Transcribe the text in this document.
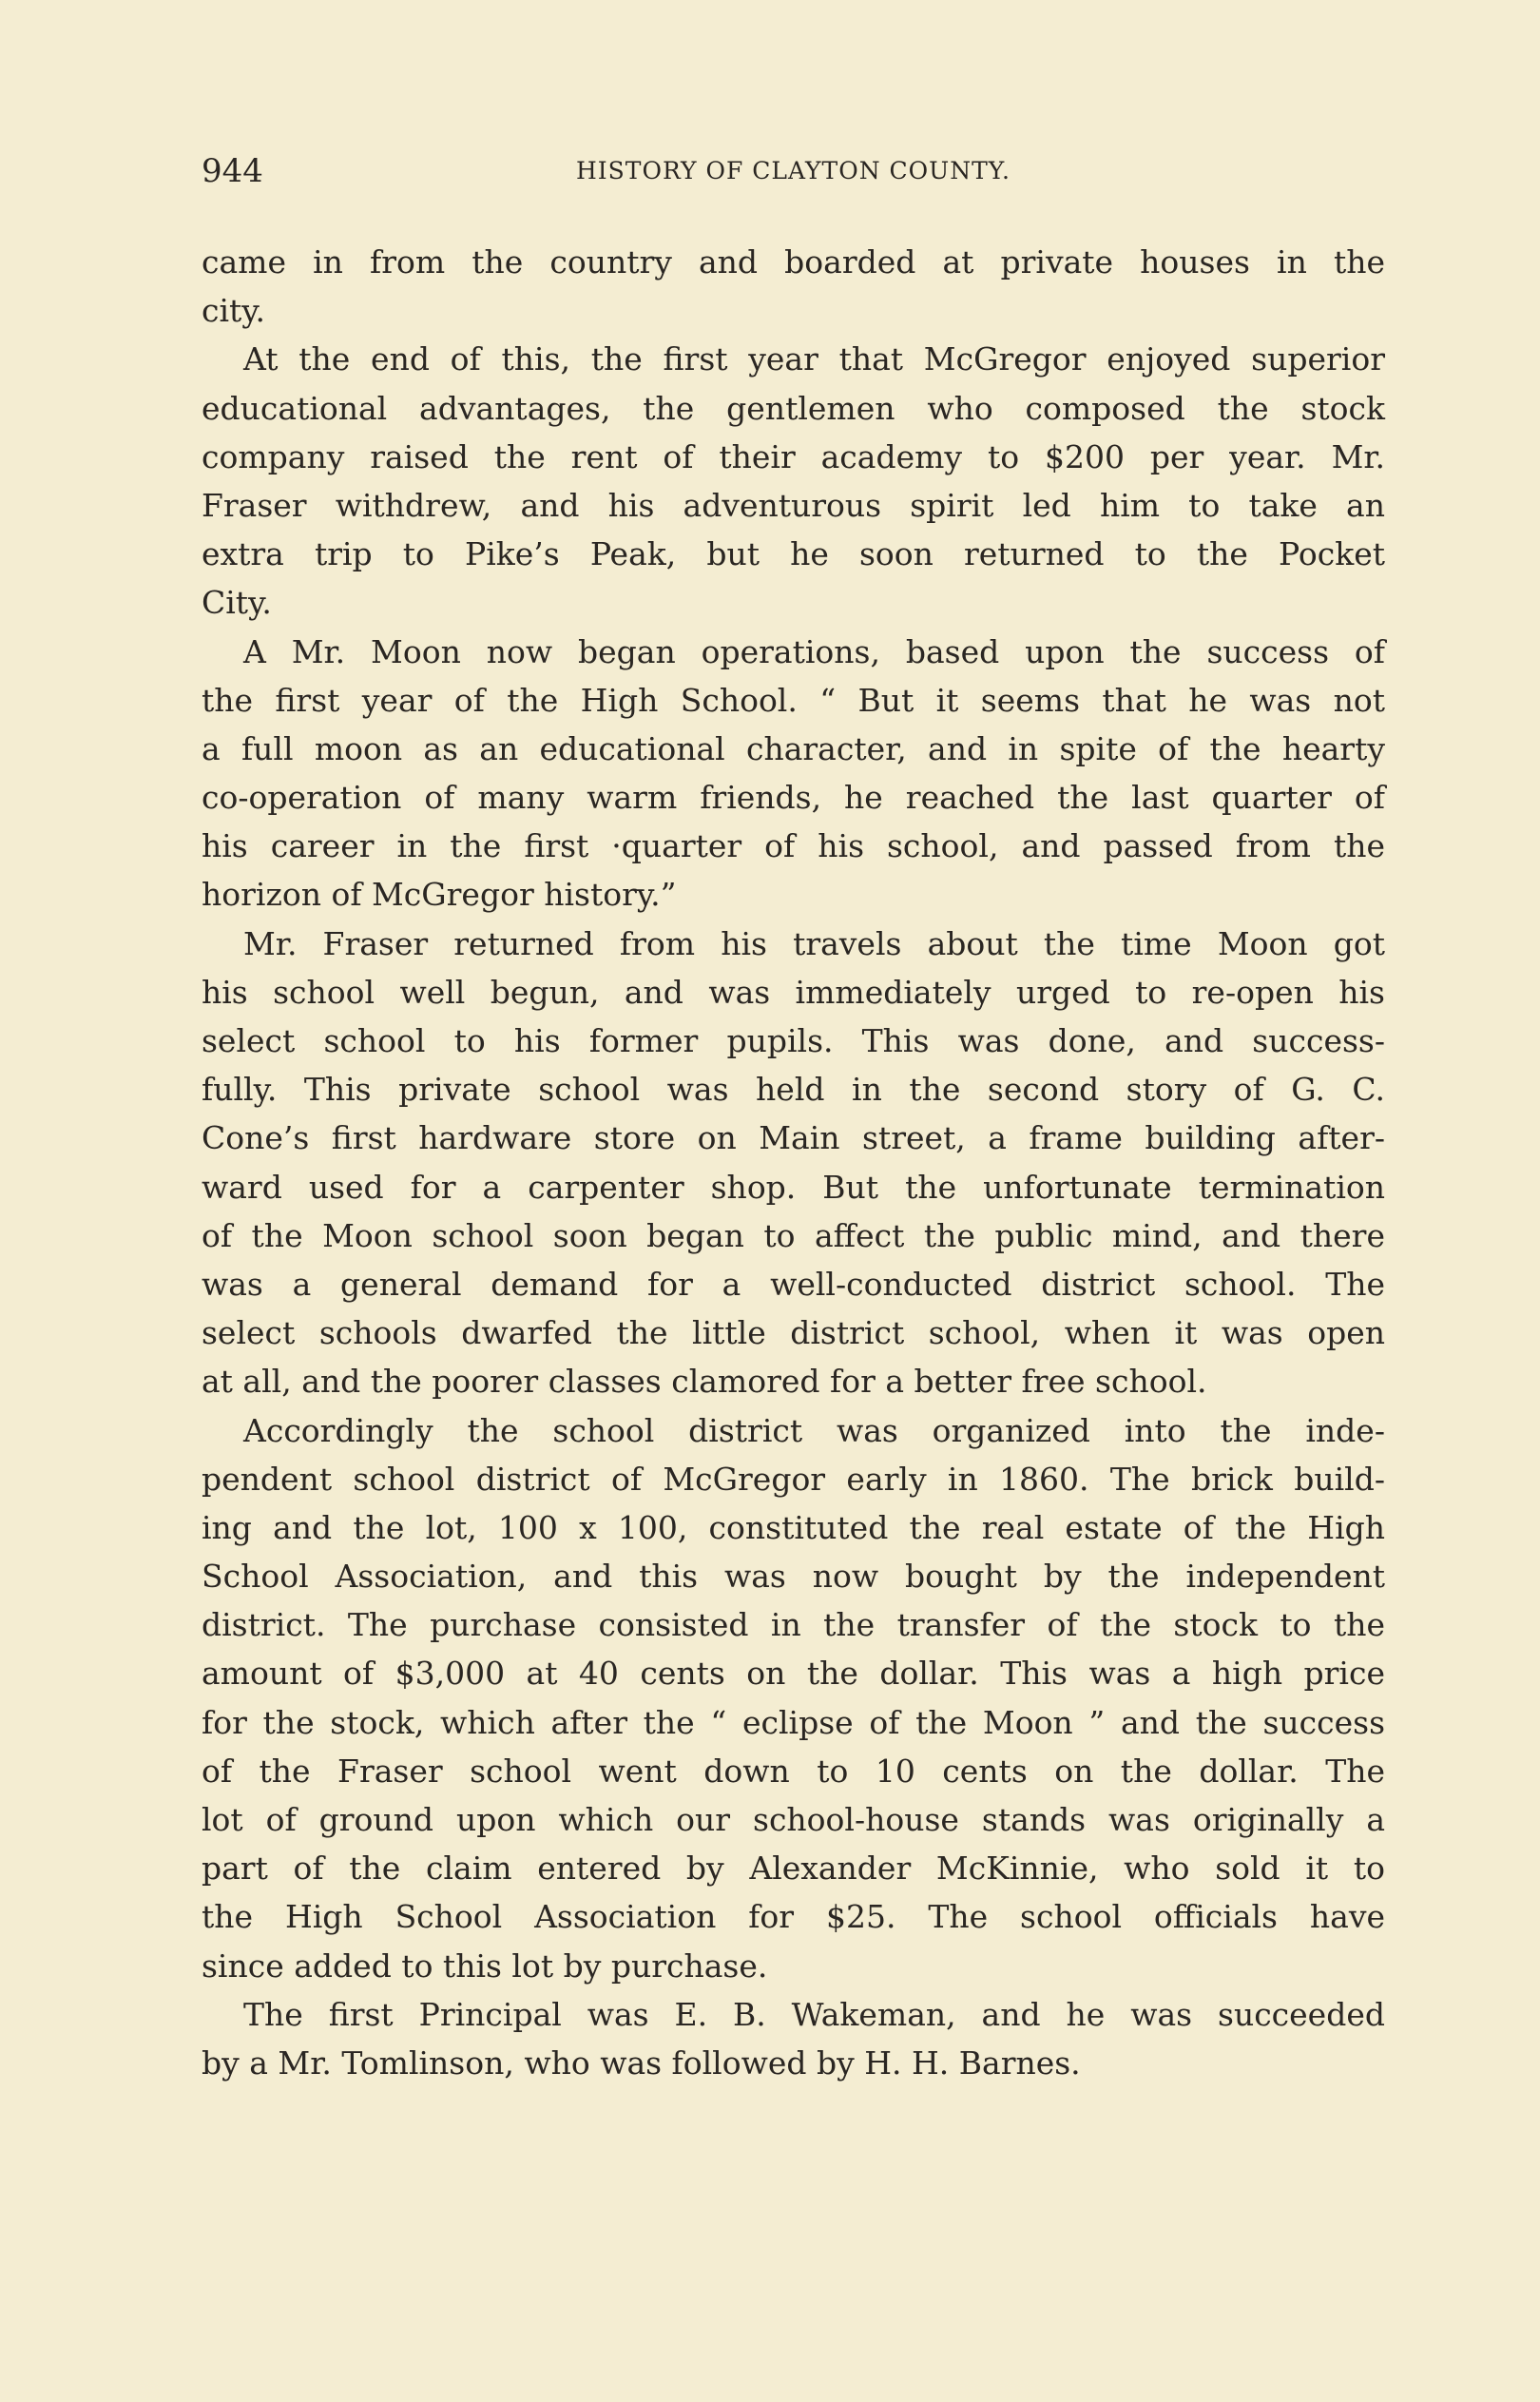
944	HISTORY OF CLAYTON COUNTY.
came in from the country and boarded at private houses in the
city.
At the end of this, the first year that McGregor enjoyed superior
educational advantages, the gentlemen who composed the stock
company raised the rent of their academy to $200 per year. Mr.
Fraser withdrew, and his adventurous spirit led him to take an
extra trip to Pike’s Peak, but he soon returned to the Pocket
City.
A Mr. Moon now began operations, based upon the success of
the first year of the High School. “ But it seems that he was not
a full moon as an educational character, and in spite of the hearty
co-operation of many warm friends, he reached the last quarter of
his career in the first ·quarter of his school, and passed from the
horizon of McGregor history.”
Mr. Fraser returned from his travels about the time Moon got
his school well begun, and was immediately urged to re-open his
select school to his former pupils. This was done, and success-
fully. This private school was held in the second story of G. C.
Cone’s first hardware store on Main street, a frame building after-
ward used for a carpenter shop. But the unfortunate termination
of the Moon school soon began to affect the public mind, and there
was a general demand for a well-conducted district school. The
select schools dwarfed the little district school, when it was open
at all, and the poorer classes clamored for a better free school.
Accordingly the school district was organized into the inde-
pendent school district of McGregor early in 1860. The brick build-
ing and the lot, 100 x 100, constituted the real estate of the High
School Association, and this was now bought by the independent
district. The purchase consisted in the transfer of the stock to the
amount of $3,000 at 40 cents on the dollar. This was a high price
for the stock, which after the “ eclipse of the Moon ” and the success
of the Fraser school went down to 10 cents on the dollar. The
lot of ground upon which our school-house stands was originally a
part of the claim entered by Alexander McKinnie, who sold it to
the High School Association for $25. The school officials have
since added to this lot by purchase.
The first Principal was E. B. Wakeman, and he was succeeded
by a Mr. Tomlinson, who was followed by H. H. Barnes.
